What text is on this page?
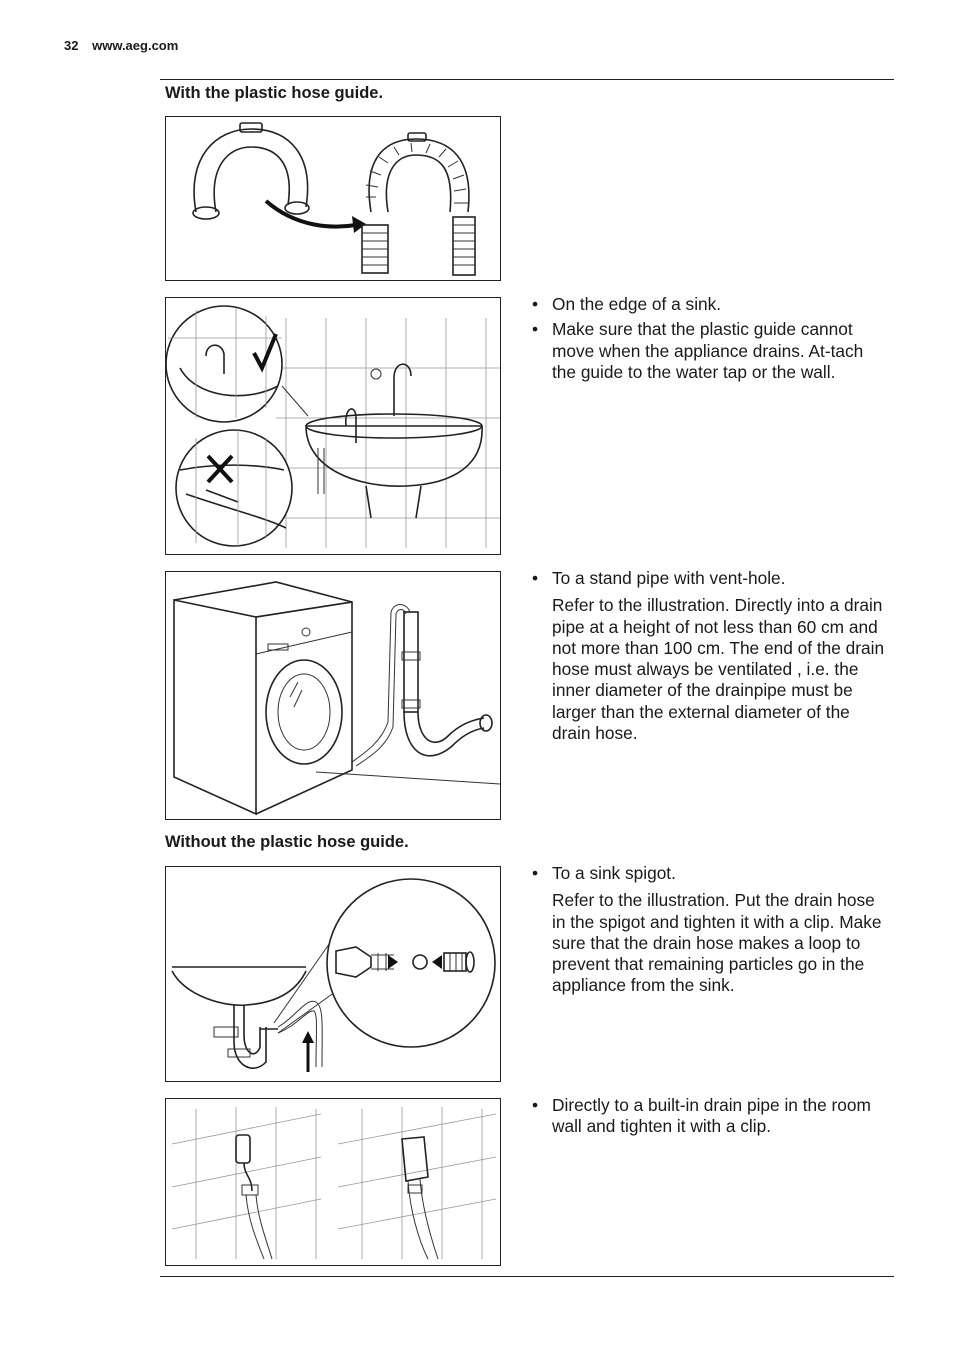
32 www.aeg.com
With the plastic hose guide.
• On the edge of a sink.
• Make sure that the plastic guide cannot move when the appliance drains. At-tach the guide to the water tap or the wall.
• To a stand pipe with vent-hole.
Refer to the illustration. Directly into a drain pipe at a height of not less than 60 cm and not more than 100 cm. The end of the drain hose must always be ventilated , i.e. the inner diameter of the drainpipe must be larger than the external diameter of the drain hose.
Without the plastic hose guide.
• To a sink spigot.
Refer to the illustration. Put the drain hose in the spigot and tighten it with a clip. Make sure that the drain hose makes a loop to prevent that remaining particles go in the appliance from the sink.
• Directly to a built-in drain pipe in the room wall and tighten it with a clip.
